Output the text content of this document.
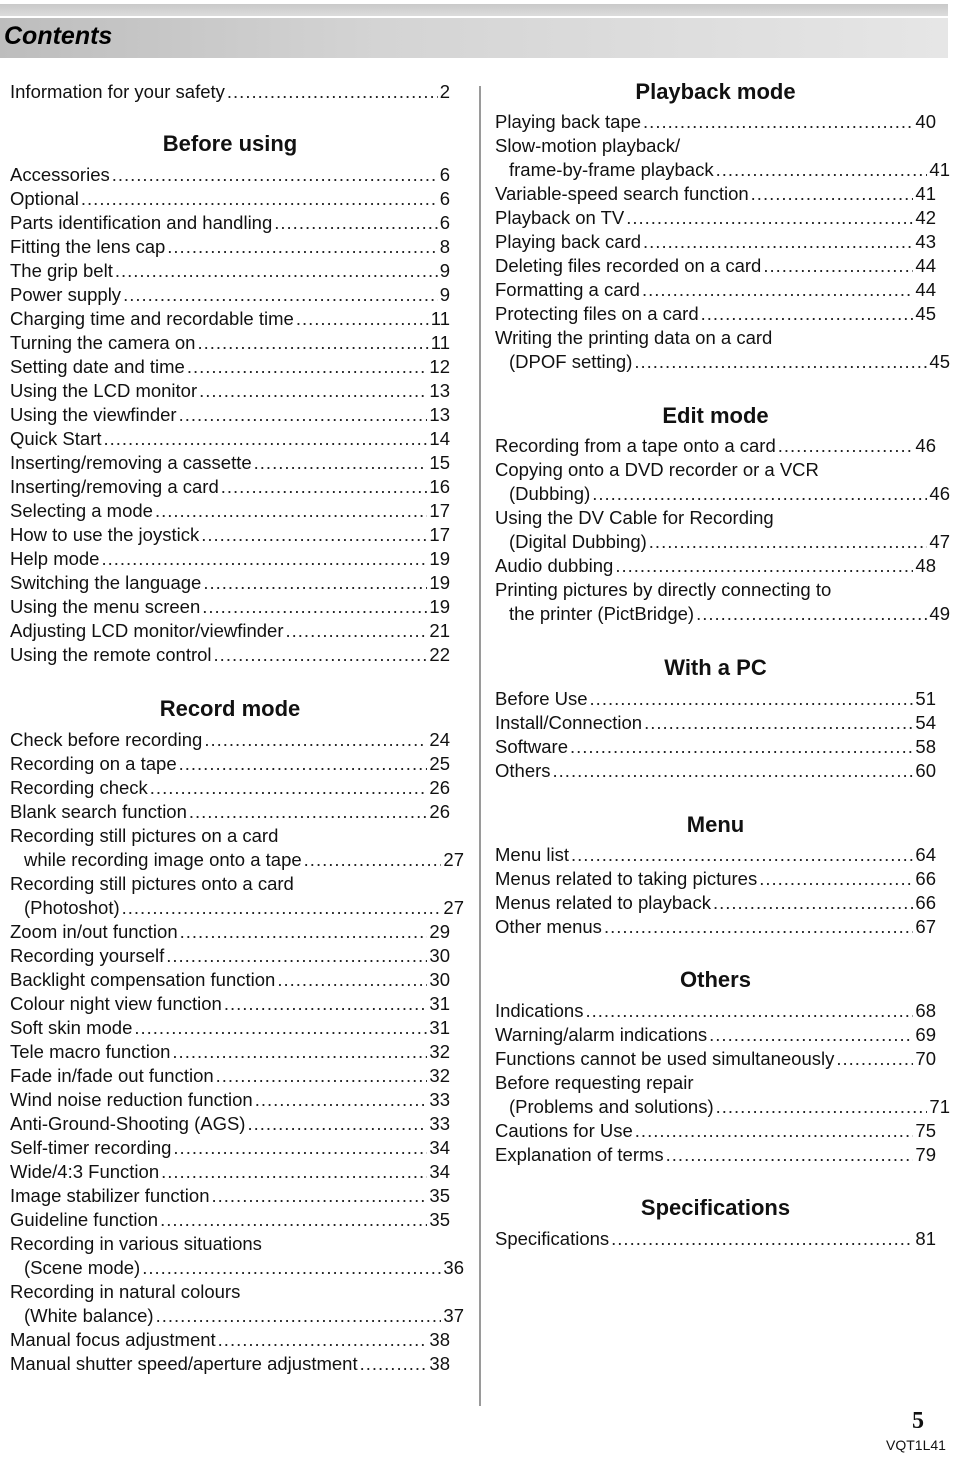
Contents
Information for your safety .....	2
Before using
Accessories .....	6
Optional .....	6
Parts identification and handling .....	6
Fitting the lens cap .....	8
The grip belt .....	9
Power supply .....	9
Charging time and recordable time .....	11
Turning the camera on .....	11
Setting date and time .....	12
Using the LCD monitor .....	13
Using the viewfinder .....	13
Quick Start .....	14
Inserting/removing a cassette .....	15
Inserting/removing a card .....	16
Selecting a mode .....	17
How to use the joystick .....	17
Help mode .....	19
Switching the language .....	19
Using the menu screen .....	19
Adjusting LCD monitor/viewfinder .....	21
Using the remote control .....	22
Record mode
Check before recording .....	24
Recording on a tape .....	25
Recording check .....	26
Blank search function .....	26
Recording still pictures on a card
while recording image onto a tape .....	27
Recording still pictures onto a card
(Photoshot) .....	27
Zoom in/out function .....	29
Recording yourself .....	30
Backlight compensation function .....	30
Colour night view function .....	31
Soft skin mode .....	31
Tele macro function .....	32
Fade in/fade out function .....	32
Wind noise reduction function .....	33
Anti-Ground-Shooting (AGS) .....	33
Self-timer recording .....	34
Wide/4:3 Function .....	34
Image stabilizer function .....	35
Guideline function .....	35
Recording in various situations
(Scene mode) .....	36
Recording in natural colours
(White balance) .....	37
Manual focus adjustment .....	38
Manual shutter speed/aperture adjustment .....	38
Playback mode
Playing back tape .....	40
Slow-motion playback/
frame-by-frame playback .....	41
Variable-speed search function .....	41
Playback on TV .....	42
Playing back card .....	43
Deleting files recorded on a card .....	44
Formatting a card .....	44
Protecting files on a card .....	45
Writing the printing data on a card
(DPOF setting) .....	45
Edit mode
Recording from a tape onto a card .....	46
Copying onto a DVD recorder or a VCR
(Dubbing) .....	46
Using the DV Cable for Recording
(Digital Dubbing) .....	47
Audio dubbing .....	48
Printing pictures by directly connecting to
the printer (PictBridge) .....	49
With a PC
Before Use .....	51
Install/Connection .....	54
Software .....	58
Others .....	60
Menu
Menu list .....	64
Menus related to taking pictures .....	66
Menus related to playback .....	66
Other menus .....	67
Others
Indications .....	68
Warning/alarm indications .....	69
Functions cannot be used simultaneously .....	70
Before requesting repair
(Problems and solutions) .....	71
Cautions for Use .....	75
Explanation of terms .....	79
Specifications
Specifications .....	81
5
VQT1L41
